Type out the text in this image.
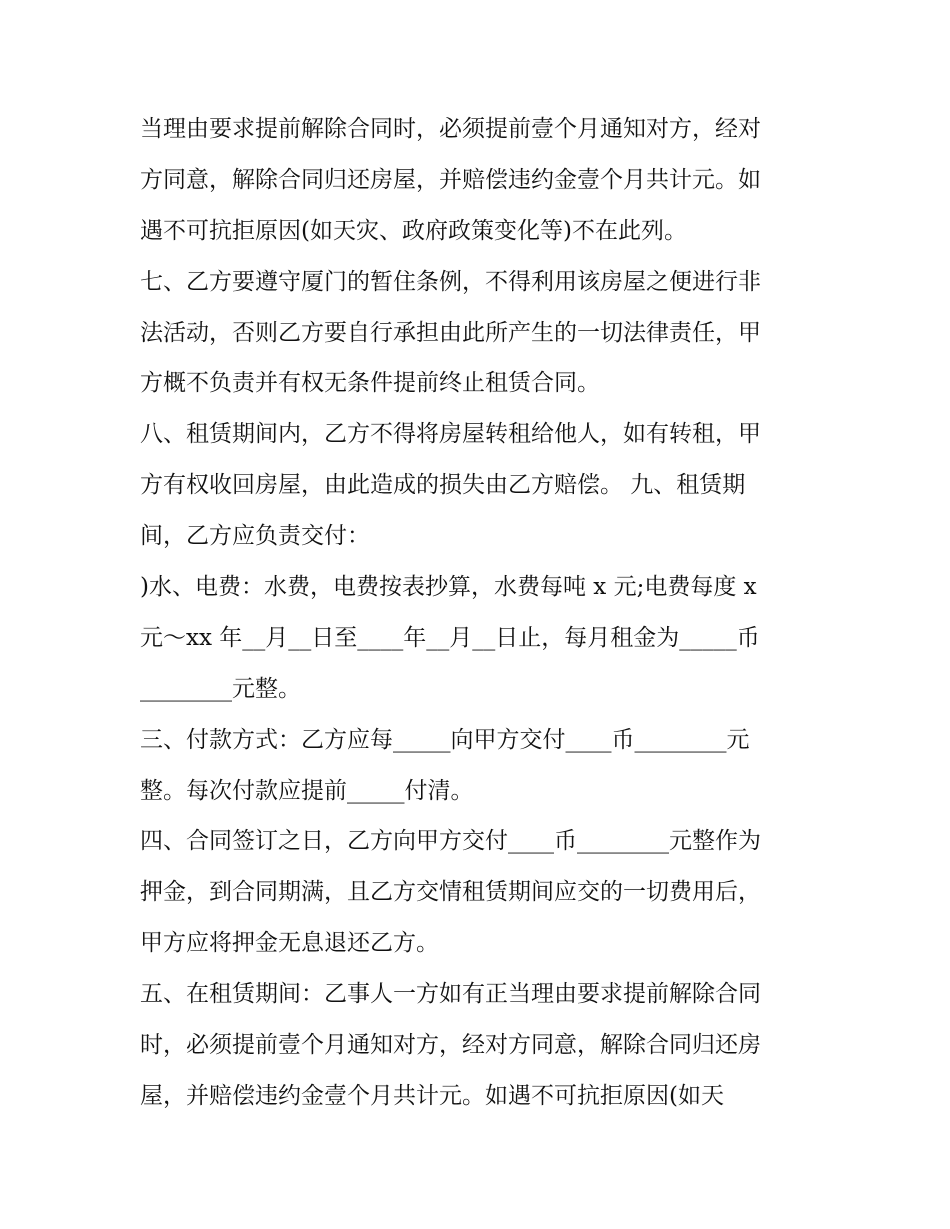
当理由要求提前解除合同时，必须提前壹个月通知对方，经对
方同意，解除合同归还房屋，并赔偿违约金壹个月共计元。如
遇不可抗拒原因(如天灾、政府政策变化等)不在此列。
七、乙方要遵守厦门的暂住条例，不得利用该房屋之便进行非
法活动，否则乙方要自行承担由此所产生的一切法律责任，甲
方概不负责并有权无条件提前终止租赁合同。
八、租赁期间内，乙方不得将房屋转租给他人，如有转租，甲
方有权收回房屋，由此造成的损失由乙方赔偿。 九、租赁期
间，乙方应负责交付：
)水、电费：水费，电费按表抄算，水费每吨 x 元;电费每度 x
元～xx 年__月__日至____年__月__日止，每月租金为_____币
________元整。
三、付款方式：乙方应每_____向甲方交付____币________元
整。每次付款应提前_____付清。
四、合同签订之日，乙方向甲方交付____币________元整作为
押金，到合同期满，且乙方交情租赁期间应交的一切费用后，
甲方应将押金无息退还乙方。
五、在租赁期间：乙事人一方如有正当理由要求提前解除合同
时，必须提前壹个月通知对方，经对方同意，解除合同归还房
屋，并赔偿违约金壹个月共计元。如遇不可抗拒原因(如天
